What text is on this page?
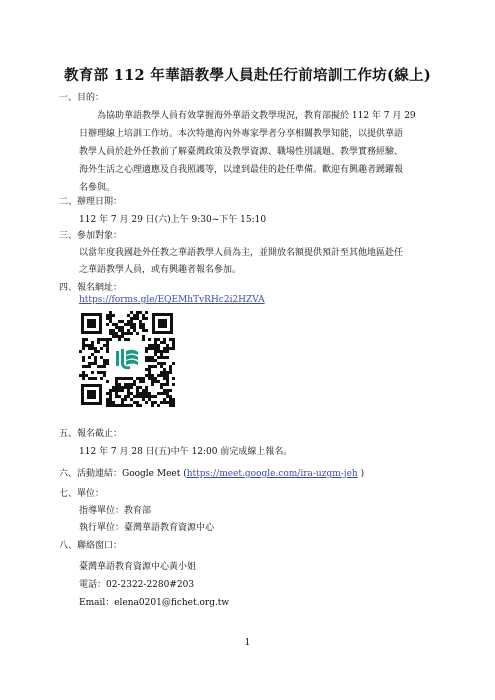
教育部 112 年華語教學人員赴任行前培訓工作坊(線上)
一、目的：
為協助華語教學人員有效掌握海外華語文教學現況，教育部擬於 112 年 7 月 29
日辦理線上培訓工作坊。本次特邀海內外專家學者分享相關教學知能，以提供華語
教學人員於赴外任教前了解臺灣政策及教學資源、職場性別議題、教學實務經驗、
海外生活之心理適應及自我照護等，以達到最佳的赴任準備。歡迎有興趣者踴躍報
名參與。
二、辦理日期：
112 年 7 月 29 日(六)上午 9:30~下午 15:10
三、參加對象：
以當年度我國赴外任教之華語教學人員為主，並開放名額提供預計至其他地區赴任
之華語教學人員，或有興趣者報名參加。
四、報名網址：
https://forms.gle/EQEMhTvRHc2i2HZVA
五、報名截止：
112 年 7 月 28 日(五)中午 12:00 前完成線上報名。
六、活動連結：Google Meet (https://meet.google.com/ira-uzgm-jeh )
七、單位：
指導單位：教育部
執行單位：臺灣華語教育資源中心
八、聯絡窗口：
臺灣華語教育資源中心黃小姐
電話：02-2322-2280#203
Email：elena0201@fichet.org.tw
1
